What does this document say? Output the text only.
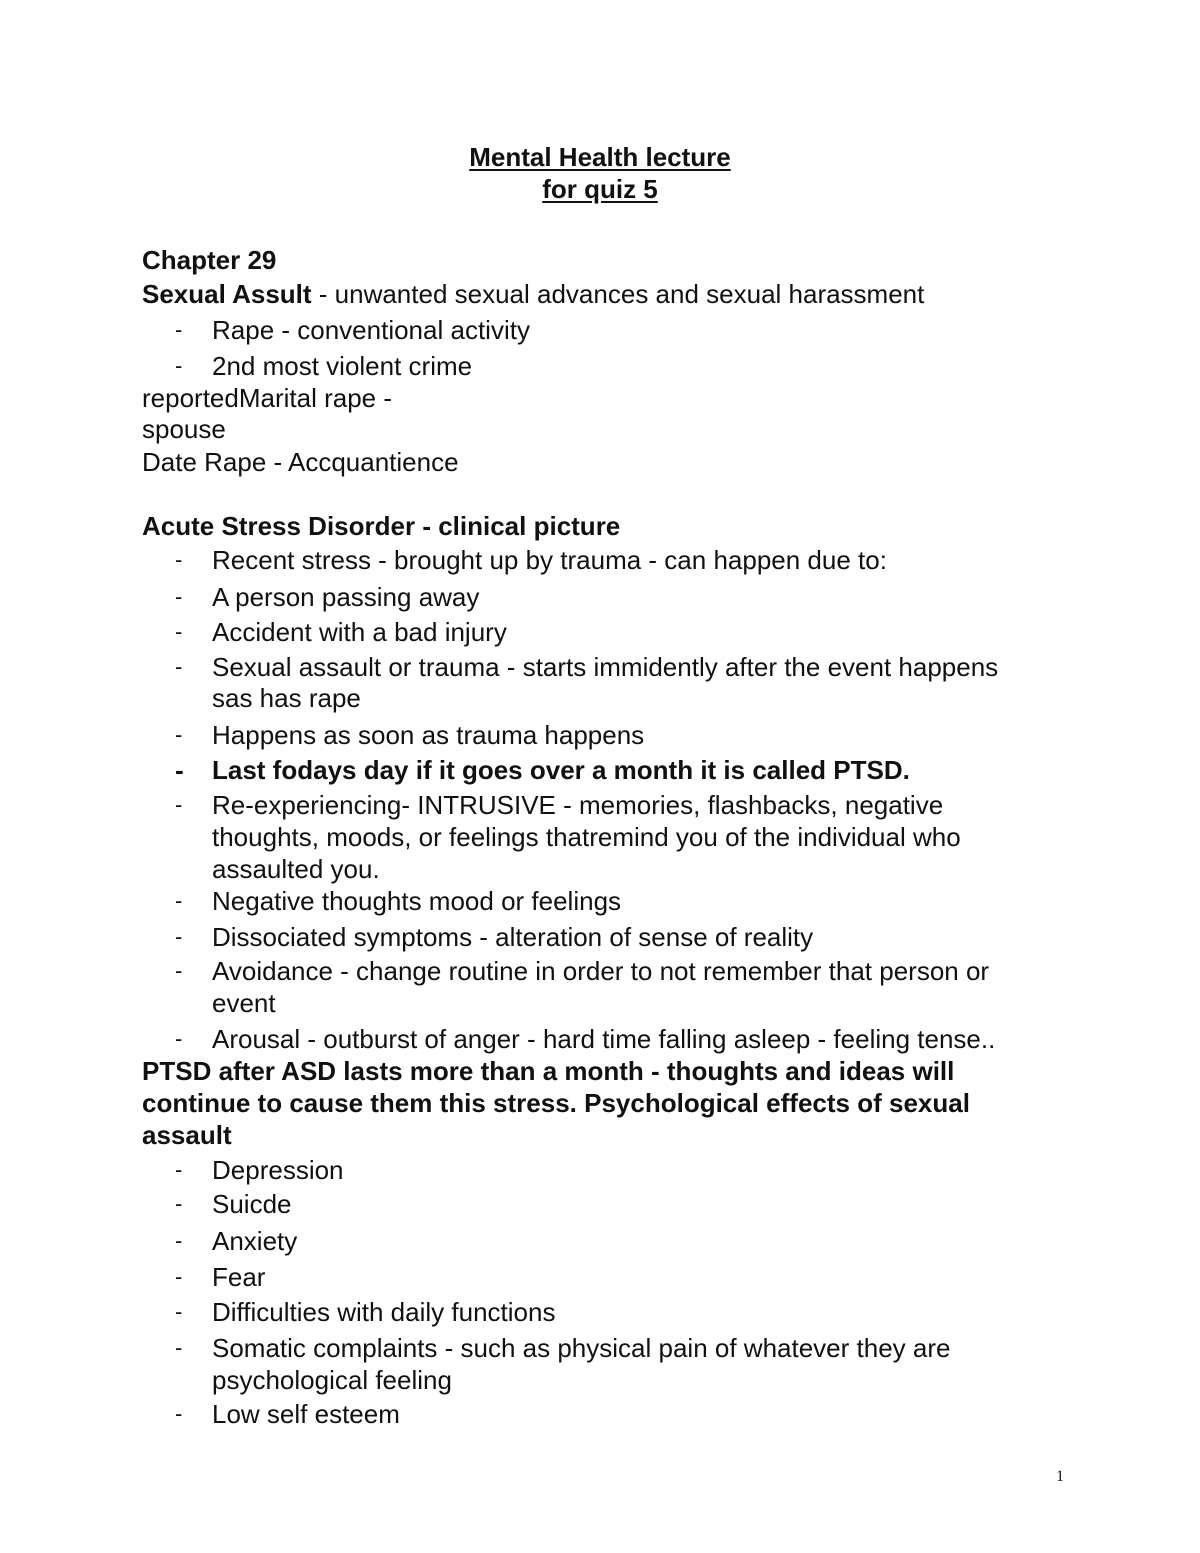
Mental Health lecture
for quiz 5
Chapter 29
Sexual Assult - unwanted sexual advances and sexual harassment
- Rape - conventional activity
- 2nd most violent crime
reportedMarital rape -
spouse
Date Rape - Accquantience
Acute Stress Disorder - clinical picture
- Recent stress - brought up by trauma - can happen due to:
- A person passing away
- Accident with a bad injury
- Sexual assault or trauma - starts immidently after the event happens
sas has rape
- Happens as soon as trauma happens
- Last fodays day if it goes over a month it is called PTSD.
- Re-experiencing- INTRUSIVE - memories, flashbacks, negative
thoughts, moods, or feelings thatremind you of the individual who
assaulted you.
- Negative thoughts mood or feelings
- Dissociated symptoms - alteration of sense of reality
- Avoidance - change routine in order to not remember that person or
event
- Arousal - outburst of anger - hard time falling asleep - feeling tense..
PTSD after ASD lasts more than a month - thoughts and ideas will
continue to cause them this stress. Psychological effects of sexual
assault
- Depression
- Suicde
- Anxiety
- Fear
- Difficulties with daily functions
- Somatic complaints - such as physical pain of whatever they are
psychological feeling
- Low self esteem
1
